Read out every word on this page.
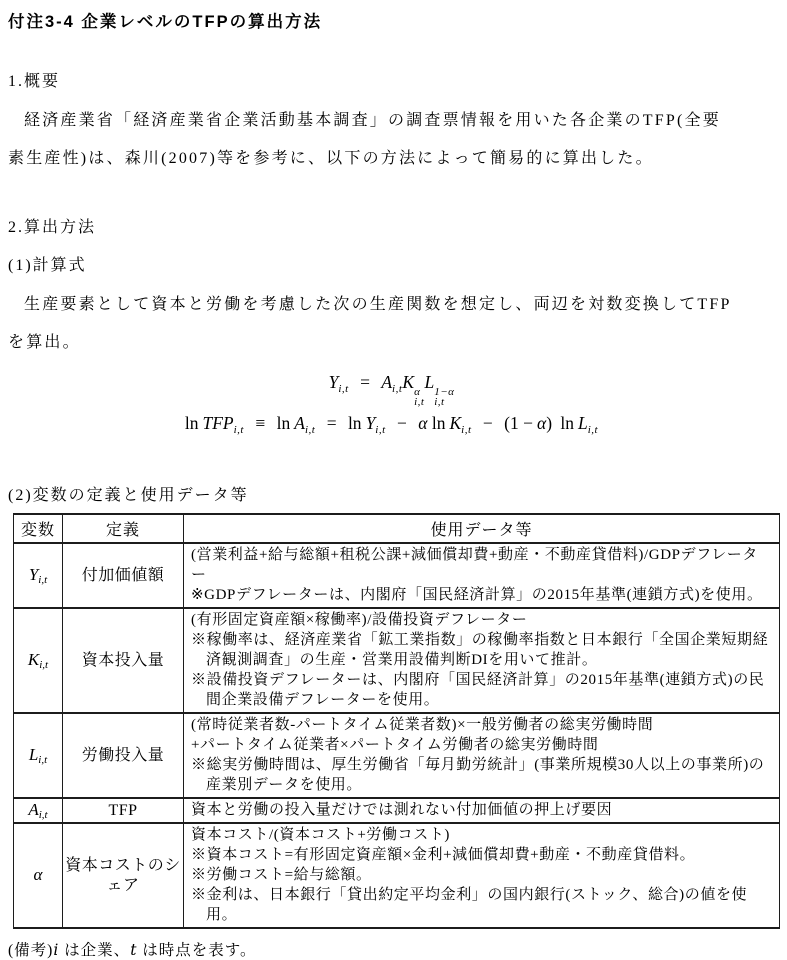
付注3-4 企業レベルのTFPの算出方法
1.概要
経済産業省「経済産業省企業活動基本調査」の調査票情報を用いた各企業のTFP(全要
素生産性)は、森川(2007)等を参考に、以下の方法によって簡易的に算出した。
2.算出方法
(1)計算式
生産要素として資本と労働を考慮した次の生産関数を想定し、両辺を対数変換してTFP
を算出。
$Y_{i,t} = A_{i,t}K$ α
i,t
L 1−α
i,t
$\ln TFP_{i,t} \equiv \ln A_{i,t} = \ln Y_{i,t} - \alpha$ $\ln K_{i,t} - (1 - \alpha)$ $\ln L_{i,t}$
(2)変数の定義と使用データ等
変数	定義	使用データ等
$Y_{i,t}$	付加価値額	(営業利益+給与総額+租税公課+減価償却費+動産・不動産貸借料)/GDPデフレーター
※GDPデフレーターは、内閣府「国民経済計算」の2015年基準(連鎖方式)を使用。

$K_{i,t}$	資本投入量	(有形固定資産額×稼働率)/設備投資デフレーター
※稼働率は、経済産業省「鉱工業指数」の稼働率指数と日本銀行「全国企業短期経済観測調査」の生産・営業用設備判断DIを用いて推計。
※設備投資デフレーターは、内閣府「国民経済計算」の2015年基準(連鎖方式)の民間企業設備デフレーターを使用。

$L_{i,t}$	労働投入量	(常時従業者数-パートタイム従業者数)×一般労働者の総実労働時間
+パートタイム従業者×パートタイム労働者の総実労働時間
※総実労働時間は、厚生労働省「毎月勤労統計」(事業所規模30人以上の事業所)の産業別データを使用。

$A_{i,t}$	TFP	資本と労働の投入量だけでは測れない付加価値の押上げ要因

α	資本コストのシェア	資本コスト/(資本コスト+労働コスト)
※資本コスト=有形固定資産額×金利+減価償却費+動産・不動産貸借料。
※労働コスト=給与総額。
※金利は、日本銀行「貸出約定平均金利」の国内銀行(ストック、総合)の値を使用。
(備考)i は企業、t は時点を表す。
